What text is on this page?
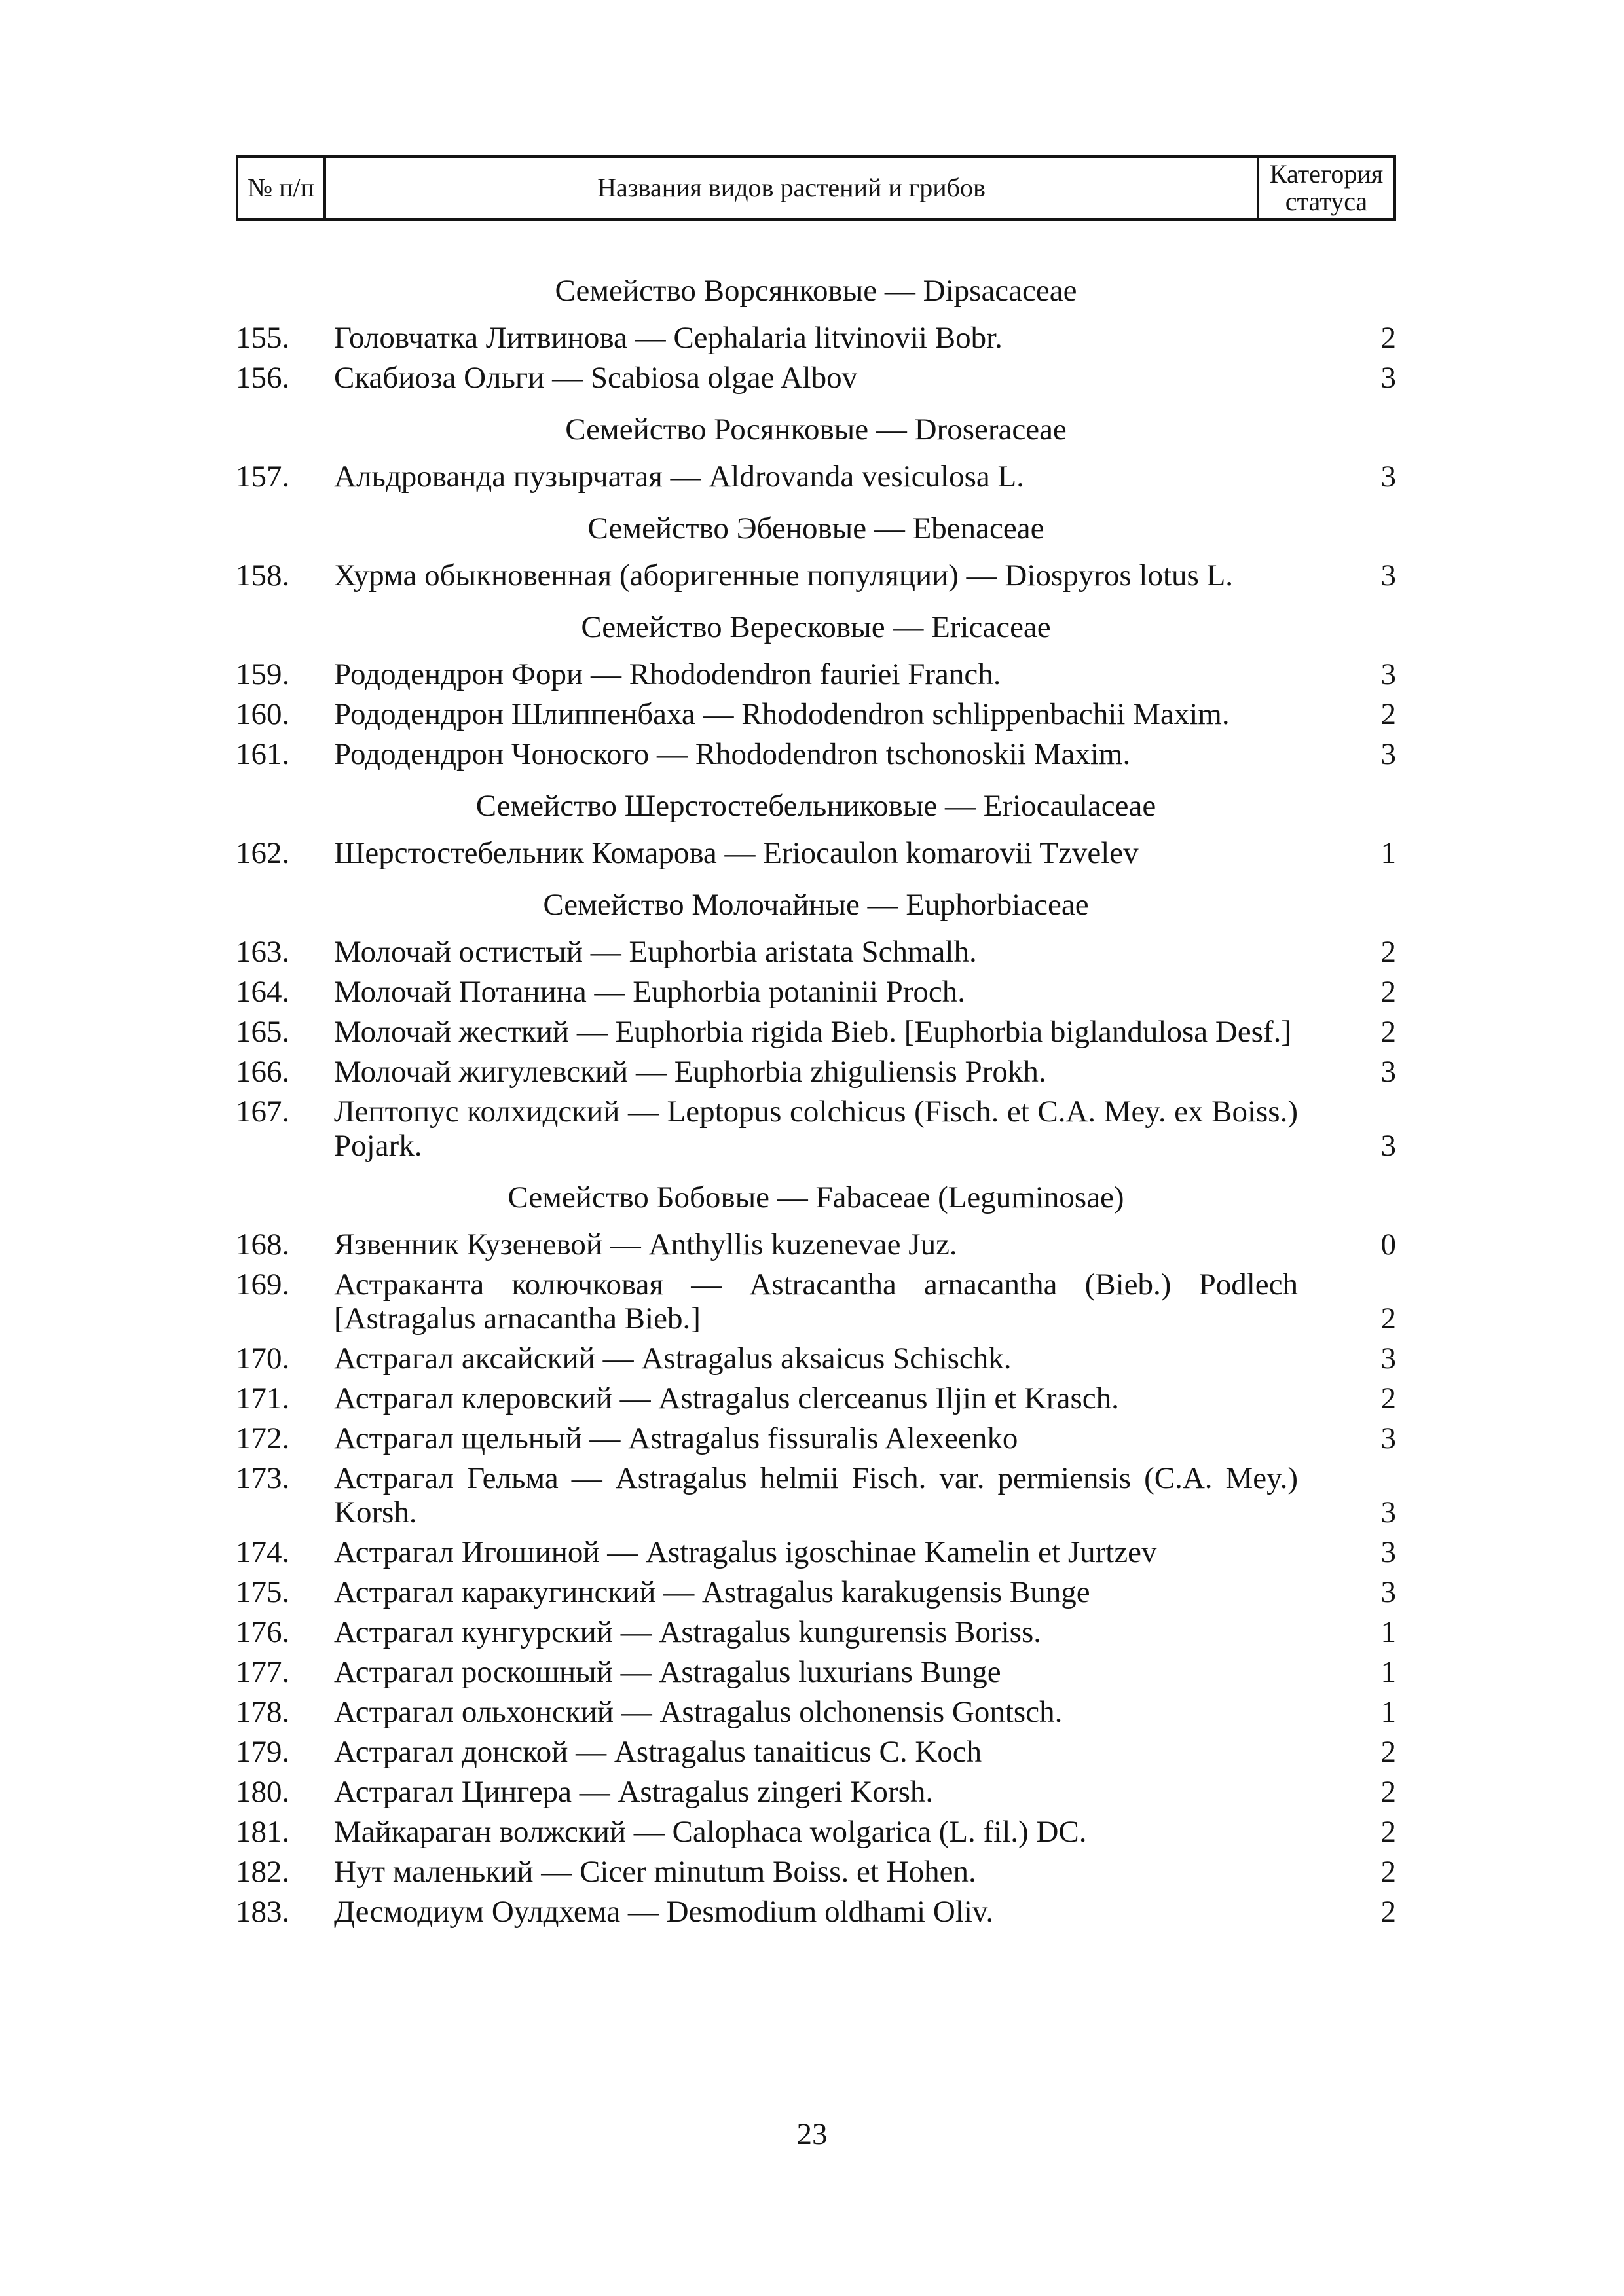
№ п/п	Названия видов растений и грибов	Категория статуса
Семейство Ворсянковые — Dipsacaceae
155.	Головчатка Литвинова — Cephalaria litvinovii Bobr.	2
156.	Скабиоза Ольги — Scabiosa olgae Albov	3
Семейство Росянковые — Droseraceae
157.	Альдрованда пузырчатая — Aldrovanda vesiculosa L.	3
Семейство Эбеновые — Ebenaceae
158.	Хурма обыкновенная (аборигенные популяции) — Diospyros lotus L.	3
Семейство Вересковые — Ericaceae
159.	Рододендрон Фори — Rhododendron fauriei Franch.	3
160.	Рододендрон Шлиппенбаха — Rhododendron schlippenbachii Maxim.	2
161.	Рододендрон Чоноского — Rhododendron tschonoskii Maxim.	3
Семейство Шерстостебельниковые — Eriocaulaceae
162.	Шерстостебельник Комарова — Eriocaulon komarovii Tzvelev	1
Семейство Молочайные — Euphorbiaceae
163.	Молочай остистый — Euphorbia aristata Schmalh.	2
164.	Молочай Потанина — Euphorbia potaninii Proch.	2
165.	Молочай жесткий — Euphorbia rigida Bieb. [Euphorbia biglandulosa Desf.]	2
166.	Молочай жигулевский — Euphorbia zhiguliensis Prokh.	3
167.	Лептопус колхидский — Leptopus colchicus (Fisch. et C.A. Mey. ex Boiss.) Pojark.	3
Семейство Бобовые — Fabaceae (Leguminosae)
168.	Язвенник Кузеневой — Anthyllis kuzenevae Juz.	0
169.	Астраканта колючковая — Astracantha arnacantha (Bieb.) Podlech [Astragalus arnacantha Bieb.]	2
170.	Астрагал аксайский — Astragalus aksaicus Schischk.	3
171.	Астрагал клеровский — Astragalus clerceanus Iljin et Krasch.	2
172.	Астрагал щельный — Astragalus fissuralis Alexeenko	3
173.	Астрагал Гельма — Astragalus helmii Fisch. var. permiensis (C.A. Mey.) Korsh.	3
174.	Астрагал Игошиной — Astragalus igoschinae Kamelin et Jurtzev	3
175.	Астрагал каракугинский — Astragalus karakugensis Bunge	3
176.	Астрагал кунгурский — Astragalus kungurensis Boriss.	1
177.	Астрагал роскошный — Astragalus luxurians Bunge	1
178.	Астрагал ольхонский — Astragalus olchonensis Gontsch.	1
179.	Астрагал донской — Astragalus tanaiticus C. Koch	2
180.	Астрагал Цингера — Astragalus zingeri Korsh.	2
181.	Майкараган волжский — Calophaca wolgarica (L. fil.) DC.	2
182.	Нут маленький — Cicer minutum Boiss. et Hohen.	2
183.	Десмодиум Оулдхема — Desmodium oldhami Oliv.	2
23
